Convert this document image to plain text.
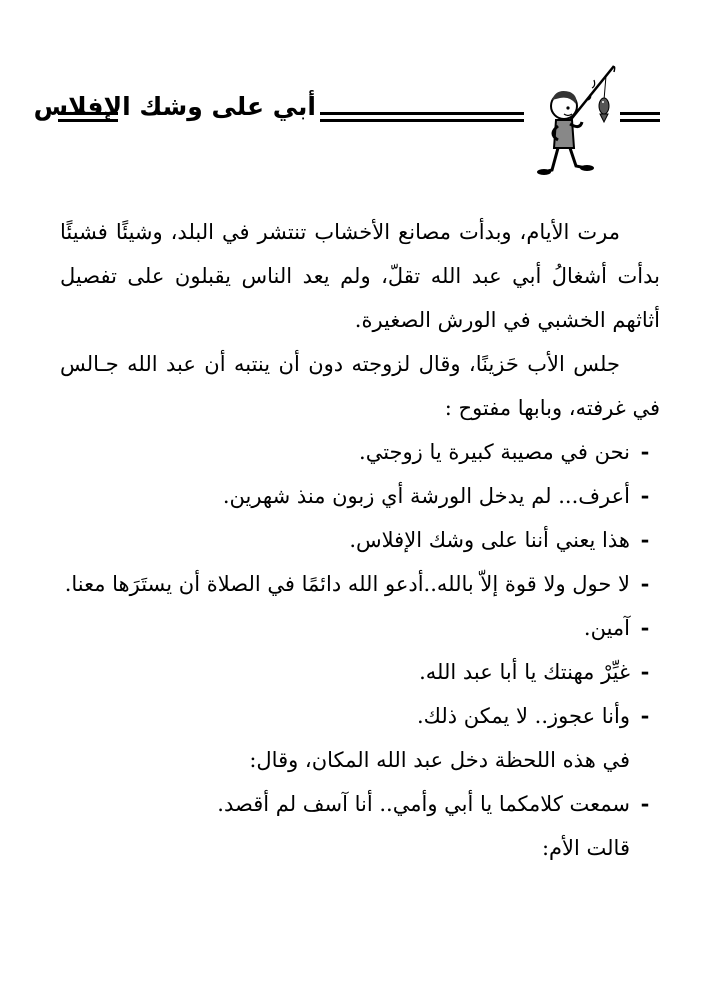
أبي على وشك الإفلاس

مرت الأيام، وبدأت مصانع الأخشاب تنتشر في البلد، وشيئًا فشيئًا بدأت أشغالُ أبي عبد الله تقلّ، ولم يعد الناس يقبلون على تفصيل أثاثهم الخشبي في الورش الصغيرة.

جلس الأب حَزينًا، وقال لزوجته دون أن ينتبه أن عبد الله جـالس في غرفته، وبابها مفتوح :

-نحن في مصيبة كبيرة يا زوجتي.

-أعرف... لم يدخل الورشة أي زبون منذ شهرين.

-هذا يعني أننا على وشك الإفلاس.

-لا حول ولا قوة إلاّ بالله..أدعو الله دائمًا في الصلاة أن يستَرَها معنا.

-آمين.

-غيِّرْ مهنتك يا أبا عبد الله.

-وأنا عجوز.. لا يمكن ذلك.

في هذه اللحظة دخل عبد الله المكان، وقال:

-سمعت كلامكما يا أبي وأمي.. أنا آسف لم أقصد.

قالت الأم:
